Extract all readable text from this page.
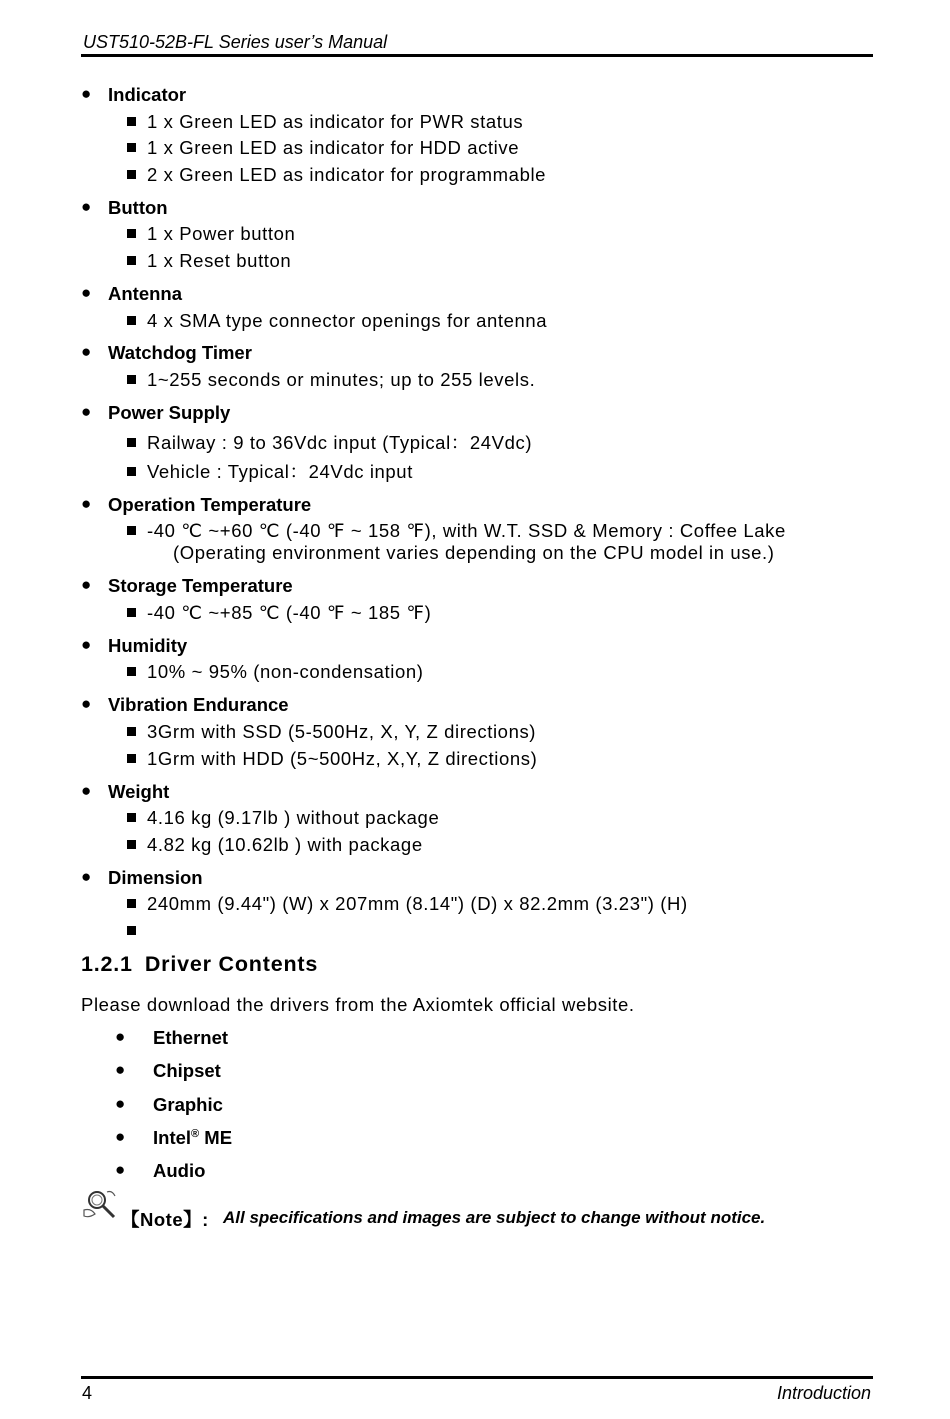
UST510-52B-FL Series user’s Manual
● Indicator
1 x Green LED as indicator for PWR status
1 x Green LED as indicator for HDD active
2 x Green LED as indicator for programmable
● Button
1 x Power button
1 x Reset button
● Antenna
4 x SMA type connector openings for antenna
● Watchdog Timer
1~255 seconds or minutes; up to 255 levels.
● Power Supply
Railway : 9 to 36Vdc input (Typical：24Vdc)
Vehicle : Typical：24Vdc input
● Operation Temperature
-40 ℃ ~+60 ℃ (-40 ℉ ~ 158 ℉), with W.T. SSD & Memory : Coffee Lake
(Operating environment varies depending on the CPU model in use.)
● Storage Temperature
-40 ℃ ~+85 ℃ (-40 ℉ ~ 185 ℉)
● Humidity
10% ~ 95% (non-condensation)
● Vibration Endurance
3Grm with SSD (5-500Hz, X, Y, Z directions)
1Grm with HDD (5~500Hz, X,Y, Z directions)
● Weight
4.16 kg (9.17lb ) without package
4.82 kg (10.62lb ) with package
● Dimension
240mm (9.44") (W) x 207mm (8.14") (D) x 82.2mm (3.23") (H)
1.2.1 Driver Contents
Please download the drivers from the Axiomtek official website.
● Ethernet
● Chipset
● Graphic
● Intel® ME
● Audio
【Note】: All specifications and images are subject to change without notice.
4	Introduction
